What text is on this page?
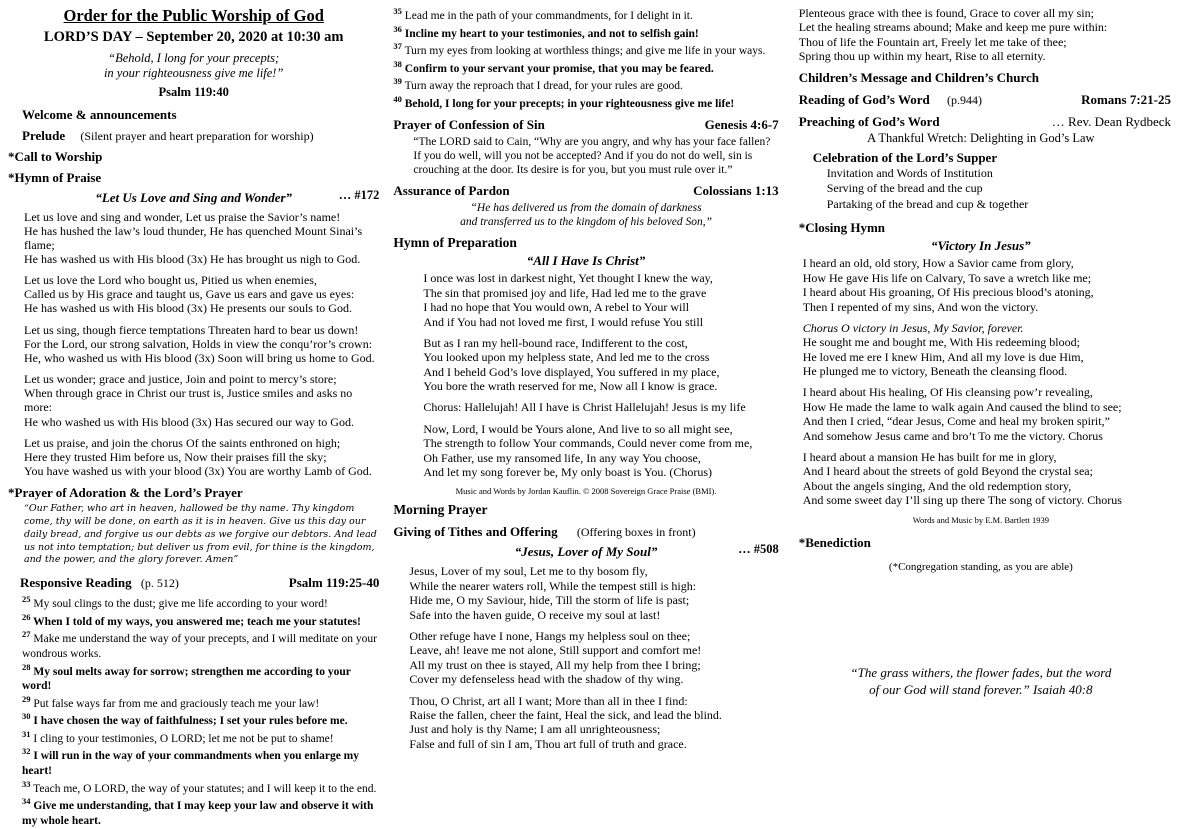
Order for the Public Worship of God
LORD’S DAY – September 20, 2020 at 10:30 am
“Behold, I long for your precepts;
in your righteousness give me life!”
Psalm 119:40
Welcome & announcements
Prelude (Silent prayer and heart preparation for worship)
*Call to Worship
*Hymn of Praise
“Let Us Love and Sing and Wonder”	… #172
Let us love and sing and wonder, Let us praise the Savior’s name!
He has hushed the law’s loud thunder, He has quenched Mount Sinai’s flame;
He has washed us with His blood (3x) He has brought us nigh to God.
Let us love the Lord who bought us, Pitied us when enemies,
Called us by His grace and taught us, Gave us ears and gave us eyes:
He has washed us with His blood (3x) He presents our souls to God.
Let us sing, though fierce temptations Threaten hard to bear us down!
For the Lord, our strong salvation, Holds in view the conqu’ror’s crown:
He, who washed us with His blood (3x) Soon will bring us home to God.
Let us wonder; grace and justice, Join and point to mercy’s store;
When through grace in Christ our trust is, Justice smiles and asks no more:
He who washed us with His blood (3x) Has secured our way to God.
Let us praise, and join the chorus Of the saints enthroned on high;
Here they trusted Him before us, Now their praises fill the sky;
You have washed us with your blood (3x) You are worthy Lamb of God.
*Prayer of Adoration & the Lord’s Prayer
“Our Father, who art in heaven, hallowed be thy name. Thy kingdom come, thy will be done, on earth as it is in heaven. Give us this day our daily bread, and forgive us our debts as we forgive our debtors. And lead us not into temptation; but deliver us from evil, for thine is the kingdom, and the power, and the glory forever. Amen”
Responsive Reading (p. 512)	Psalm 119:25-40
$^{25}$ My soul clings to the dust; give me life according to your word!
$^{26}$ When I told of my ways, you answered me; teach me your statutes!
$^{27}$ Make me understand the way of your precepts, and I will meditate on your wondrous works.
$^{28}$ My soul melts away for sorrow; strengthen me according to your word!
$^{29}$ Put false ways far from me and graciously teach me your law!
$^{30}$ I have chosen the way of faithfulness; I set your rules before me.
$^{31}$ I cling to your testimonies, O LORD; let me not be put to shame!
$^{32}$ I will run in the way of your commandments when you enlarge my heart!
$^{33}$ Teach me, O LORD, the way of your statutes; and I will keep it to the end.
$^{34}$ Give me understanding, that I may keep your law and observe it with my whole heart.
$^{35}$ Lead me in the path of your commandments, for I delight in it.
$^{36}$ Incline my heart to your testimonies, and not to selfish gain!
$^{37}$ Turn my eyes from looking at worthless things; and give me life in your ways.
$^{38}$ Confirm to your servant your promise, that you may be feared.
$^{39}$ Turn away the reproach that I dread, for your rules are good.
$^{40}$ Behold, I long for your precepts; in your righteousness give me life!
Prayer of Confession of Sin	Genesis 4:6-7
“The LORD said to Cain, “Why are you angry, and why has your face fallen? If you do well, will you not be accepted? And if you do not do well, sin is crouching at the door. Its desire is for you, but you must rule over it.”
Assurance of Pardon	Colossians 1:13
“He has delivered us from the domain of darkness
and transferred us to the kingdom of his beloved Son,”
Hymn of Preparation
“All I Have Is Christ”
I once was lost in darkest night, Yet thought I knew the way,
The sin that promised joy and life, Had led me to the grave
I had no hope that You would own, A rebel to Your will
And if You had not loved me first, I would refuse You still
But as I ran my hell-bound race, Indifferent to the cost,
You looked upon my helpless state, And led me to the cross
And I beheld God’s love displayed, You suffered in my place,
You bore the wrath reserved for me, Now all I know is grace.
Chorus: Hallelujah! All I have is Christ Hallelujah! Jesus is my life
Now, Lord, I would be Yours alone, And live to so all might see,
The strength to follow Your commands, Could never come from me,
Oh Father, use my ransomed life, In any way You choose,
And let my song forever be, My only boast is You. (Chorus)
Music and Words by Jordan Kauflin. © 2008 Sovereign Grace Praise (BMI).
Morning Prayer
Giving of Tithes and Offering (Offering boxes in front)
“Jesus, Lover of My Soul”	… #508
Jesus, Lover of my soul, Let me to thy bosom fly,
While the nearer waters roll, While the tempest still is high:
Hide me, O my Saviour, hide, Till the storm of life is past;
Safe into the haven guide, O receive my soul at last!
Other refuge have I none, Hangs my helpless soul on thee;
Leave, ah! leave me not alone, Still support and comfort me!
All my trust on thee is stayed, All my help from thee I bring;
Cover my defenseless head with the shadow of thy wing.
Thou, O Christ, art all I want; More than all in thee I find:
Raise the fallen, cheer the faint, Heal the sick, and lead the blind.
Just and holy is thy Name; I am all unrighteousness;
False and full of sin I am, Thou art full of truth and grace.
Plenteous grace with thee is found, Grace to cover all my sin;
Let the healing streams abound; Make and keep me pure within:
Thou of life the Fountain art, Freely let me take of thee;
Spring thou up within my heart, Rise to all eternity.
Children’s Message and Children’s Church
Reading of God’s Word (p.944)	Romans 7:21-25
Preaching of God’s Word	… Rev. Dean Rydbeck
A Thankful Wretch: Delighting in God’s Law
Celebration of the Lord’s Supper
Invitation and Words of Institution
Serving of the bread and the cup
Partaking of the bread and cup & together
*Closing Hymn
“Victory In Jesus”
I heard an old, old story, How a Savior came from glory,
How He gave His life on Calvary, To save a wretch like me;
I heard about His groaning, Of His precious blood’s atoning,
Then I repented of my sins, And won the victory.
Chorus O victory in Jesus, My Savior, forever.
He sought me and bought me, With His redeeming blood;
He loved me ere I knew Him, And all my love is due Him,
He plunged me to victory, Beneath the cleansing flood.
I heard about His healing, Of His cleansing pow’r revealing,
How He made the lame to walk again And caused the blind to see;
And then I cried, “dear Jesus, Come and heal my broken spirit,”
And somehow Jesus came and bro’t To me the victory. Chorus
I heard about a mansion He has built for me in glory,
And I heard about the streets of gold Beyond the crystal sea;
About the angels singing, And the old redemption story,
And some sweet day I’ll sing up there The song of victory. Chorus
Words and Music by E.M. Bartlett 1939
*Benediction
(*Congregation standing, as you are able)
“The grass withers, the flower fades, but the word
of our God will stand forever.” Isaiah 40:8
